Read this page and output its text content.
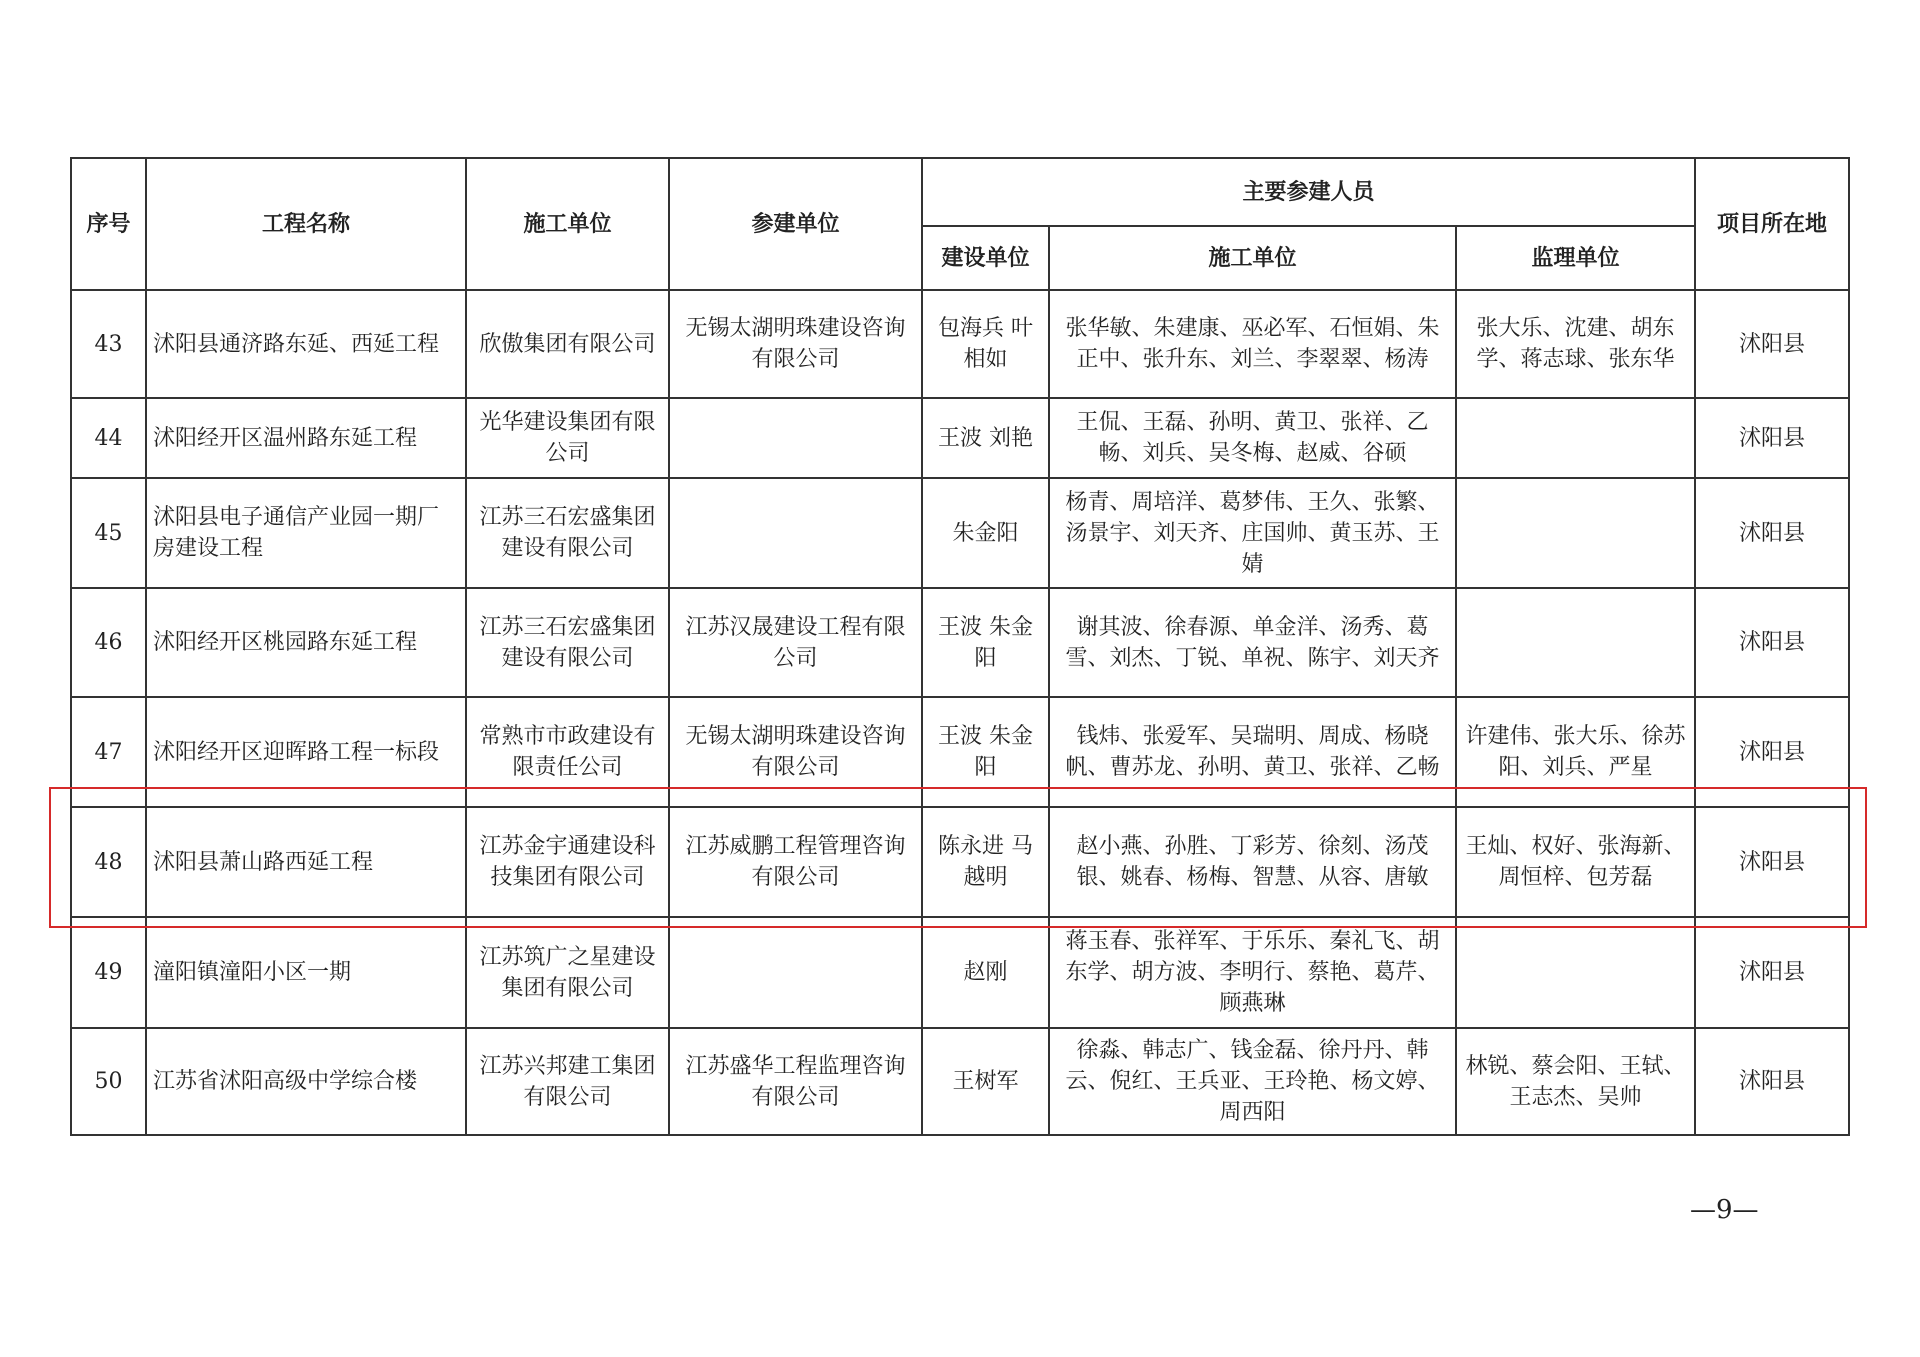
序号	工程名称	施工单位	参建单位	主要参建人员			项目所在地
				建设单位	施工单位	监理单位	
43	沭阳县通济路东延、西延工程	欣傲集团有限公司	无锡太湖明珠建设咨询有限公司	包海兵 叶相如	张华敏、朱建康、巫必军、石恒娟、朱正中、张升东、刘兰、李翠翠、杨涛	张大乐、沈建、胡东学、蒋志球、张东华	沭阳县
44	沭阳经开区温州路东延工程	光华建设集团有限公司		王波 刘艳	王侃、王磊、孙明、黄卫、张祥、乙畅、刘兵、吴冬梅、赵威、谷硕		沭阳县
45	沭阳县电子通信产业园一期厂房建设工程	江苏三石宏盛集团建设有限公司		朱金阳	杨青、周培洋、葛梦伟、王久、张繁、汤景宇、刘天齐、庄国帅、黄玉苏、王婧		沭阳县
46	沭阳经开区桃园路东延工程	江苏三石宏盛集团建设有限公司	江苏汉晟建设工程有限公司	王波 朱金阳	谢其波、徐春源、单金洋、汤秀、葛雪、刘杰、丁锐、单祝、陈宇、刘天齐		沭阳县
47	沭阳经开区迎晖路工程一标段	常熟市市政建设有限责任公司	无锡太湖明珠建设咨询有限公司	王波 朱金阳	钱炜、张爱军、吴瑞明、周成、杨晓帆、曹苏龙、孙明、黄卫、张祥、乙畅	许建伟、张大乐、徐苏阳、刘兵、严星	沭阳县
48	沭阳县萧山路西延工程	江苏金宇通建设科技集团有限公司	江苏威鹏工程管理咨询有限公司	陈永进 马越明	赵小燕、孙胜、丁彩芳、徐刻、汤茂银、姚春、杨梅、智慧、从容、唐敏	王灿、权好、张海新、周恒梓、包芳磊	沭阳县
49	潼阳镇潼阳小区一期	江苏筑广之星建设集团有限公司		赵刚	蒋玉春、张祥军、于乐乐、秦礼飞、胡东学、胡方波、李明行、蔡艳、葛芹、顾燕琳		沭阳县
50	江苏省沭阳高级中学综合楼	江苏兴邦建工集团有限公司	江苏盛华工程监理咨询有限公司	王树军	徐淼、韩志广、钱金磊、徐丹丹、韩云、倪红、王兵亚、王玲艳、杨文婷、周西阳	林锐、蔡会阳、王轼、王志杰、吴帅	沭阳县
—9—
